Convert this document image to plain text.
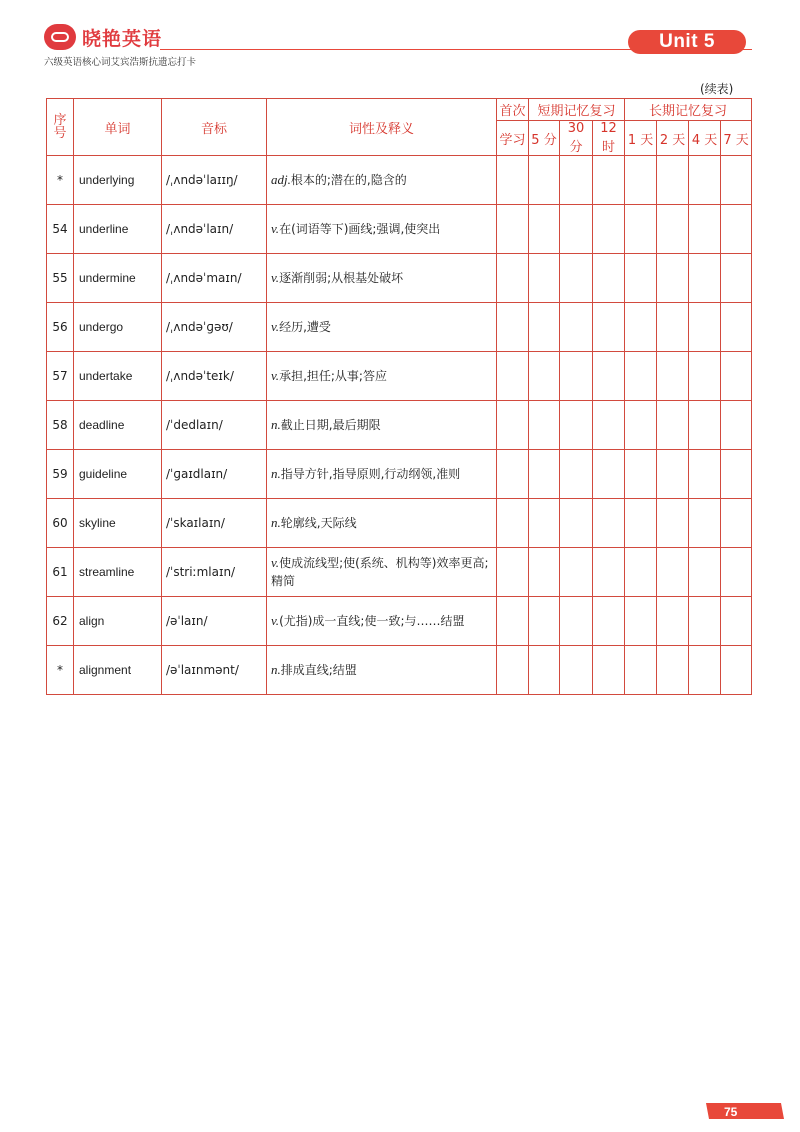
晓艳英语
六级英语核心词艾宾浩斯抗遗忘打卡
Unit 5
(续表)
序
号	单词	音标	词性及释义	首次	短期记忆复习			长期记忆复习			
				学习	5 分	30 分	12 时	1 天	2 天	4 天	7 天
*	underlying	/ˌʌndəˈlaɪɪŋ/	adj.根本的;潜在的,隐含的								
54	underline	/ˌʌndəˈlaɪn/	v.在(词语等下)画线;强调,使突出								
55	undermine	/ˌʌndəˈmaɪn/	v.逐渐削弱;从根基处破坏								
56	undergo	/ˌʌndəˈɡəʊ/	v.经历,遭受								
57	undertake	/ˌʌndəˈteɪk/	v.承担,担任;从事;答应								
58	deadline	/ˈdedlaɪn/	n.截止日期,最后期限								
59	guideline	/ˈɡaɪdlaɪn/	n.指导方针,指导原则,行动纲领,准则								
60	skyline	/ˈskaɪlaɪn/	n.轮廓线,天际线								
61	streamline	/ˈstriːmlaɪn/	v.使成流线型;使(系统、机构等)效率更高;精简								
62	align	/əˈlaɪn/	v.(尤指)成一直线;使一致;与……结盟								
*	alignment	/əˈlaɪnmənt/	n.排成直线;结盟								
75
